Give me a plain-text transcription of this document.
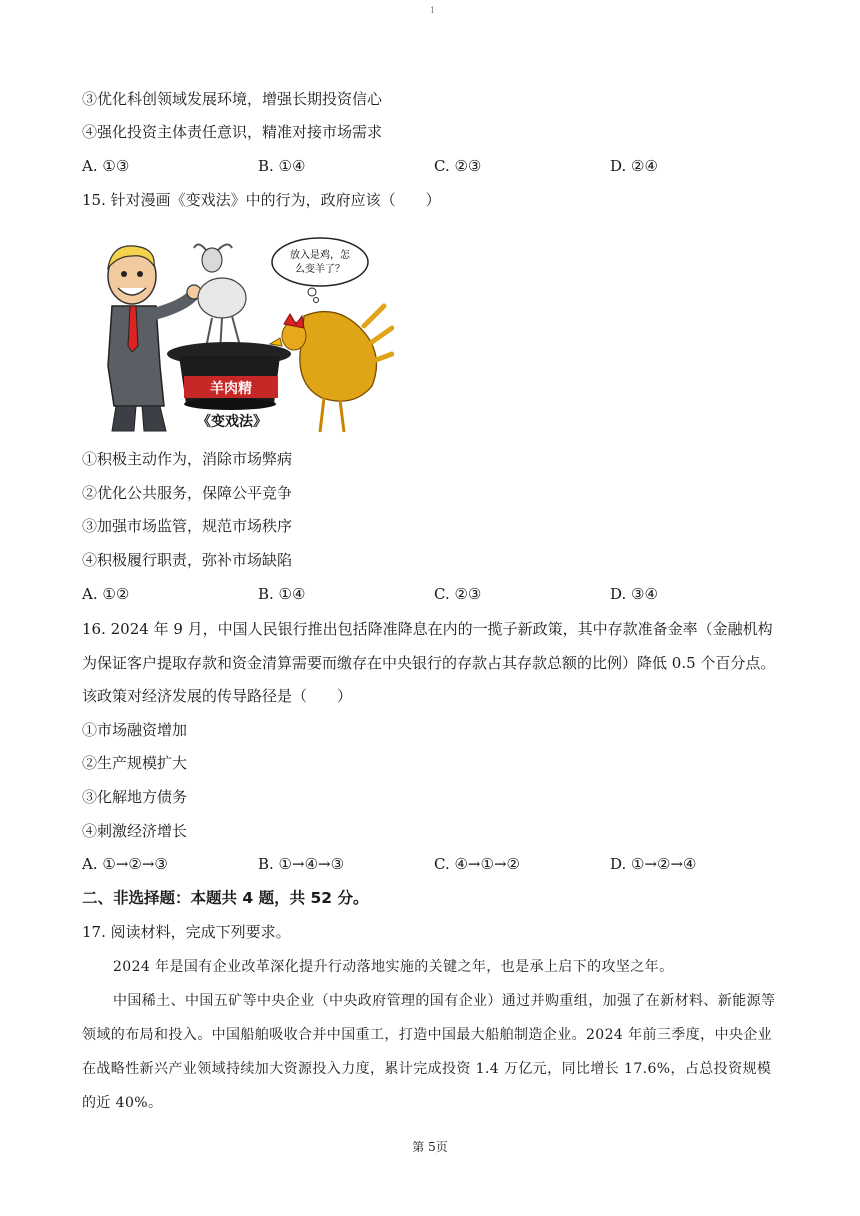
1
③优化科创领域发展环境，增强长期投资信心
④强化投资主体责任意识，精准对接市场需求
A. ①③	B. ①④	C. ②③	D. ②④
15. 针对漫画《变戏法》中的行为，政府应该（　　）
羊肉精
放入是鸡，怎
么变羊了？
《变戏法》
①积极主动作为，消除市场弊病
②优化公共服务，保障公平竞争
③加强市场监管，规范市场秩序
④积极履行职责，弥补市场缺陷
A. ①②	B. ①④	C. ②③	D. ③④
16. 2024 年 9 月，中国人民银行推出包括降准降息在内的一揽子新政策，其中存款准备金率（金融机构为保证客户提取存款和资金清算需要而缴存在中央银行的存款占其存款总额的比例）降低 0.5 个百分点。该政策对经济发展的传导路径是（　　）
①市场融资增加
②生产规模扩大
③化解地方债务
④刺激经济增长
A. ①→②→③	B. ①→④→③	C. ④→①→②	D. ①→②→④
二、非选择题：本题共 4 题，共 52 分。
17. 阅读材料，完成下列要求。
2024 年是国有企业改革深化提升行动落地实施的关键之年，也是承上启下的攻坚之年。
中国稀土、中国五矿等中央企业（中央政府管理的国有企业）通过并购重组，加强了在新材料、新能源等领域的布局和投入。中国船舶吸收合并中国重工，打造中国最大船舶制造企业。2024 年前三季度，中央企业在战略性新兴产业领域持续加大资源投入力度，累计完成投资 1.4 万亿元，同比增长 17.6%，占总投资规模的近 40%。
第 5页
